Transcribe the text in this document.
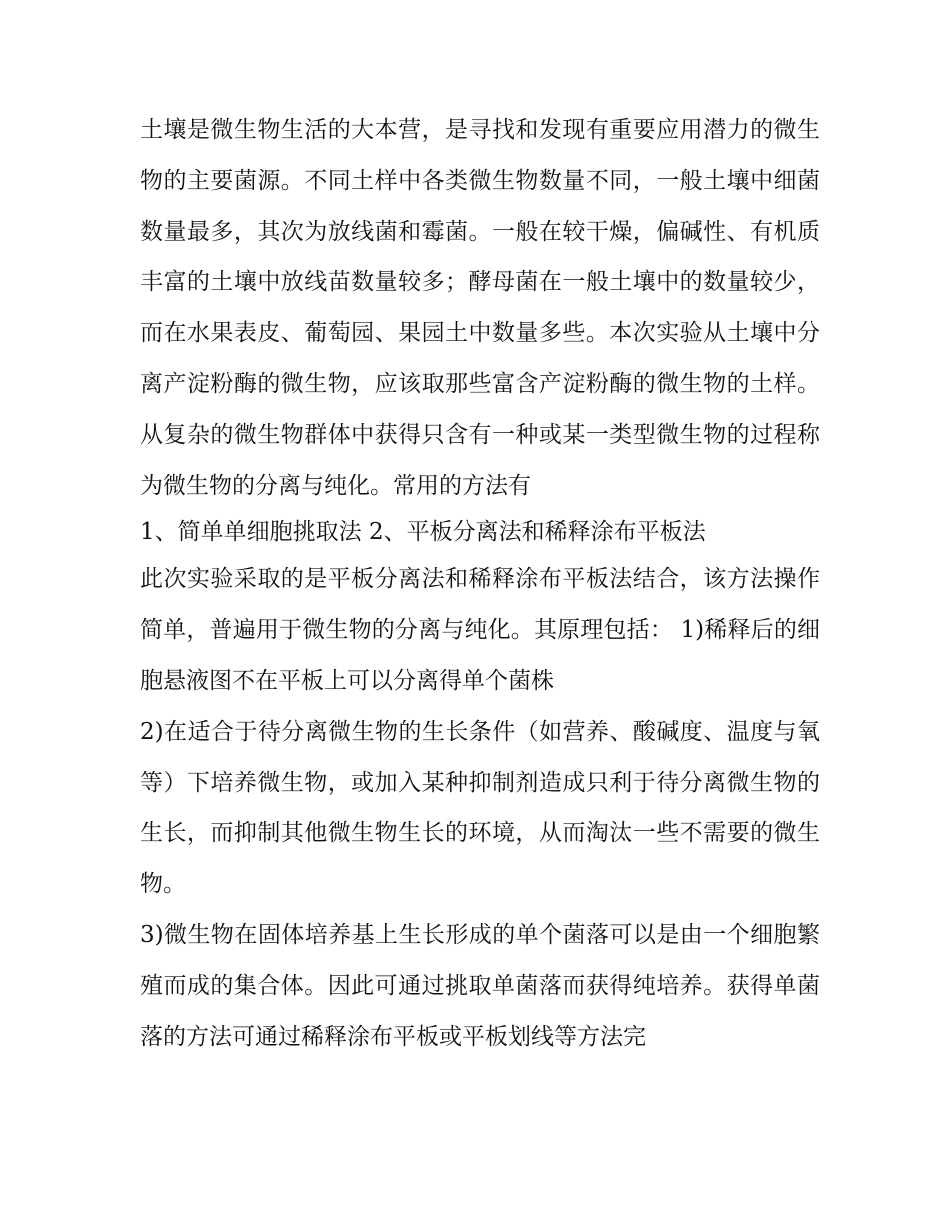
土壤是微生物生活的大本营，是寻找和发现有重要应用潜力的微生物的主要菌源。不同土样中各类微生物数量不同，一般土壤中细菌数量最多，其次为放线菌和霉菌。一般在较干燥，偏碱性、有机质丰富的土壤中放线苗数量较多；酵母菌在一般土壤中的数量较少，而在水果表皮、葡萄园、果园土中数量多些。本次实验从土壤中分离产淀粉酶的微生物，应该取那些富含产淀粉酶的微生物的土样。从复杂的微生物群体中获得只含有一种或某一类型微生物的过程称为微生物的分离与纯化。常用的方法有

1、简单单细胞挑取法 2、平板分离法和稀释涂布平板法

此次实验采取的是平板分离法和稀释涂布平板法结合，该方法操作简单，普遍用于微生物的分离与纯化。其原理包括： 1)稀释后的细胞悬液图不在平板上可以分离得单个菌株

2)在适合于待分离微生物的生长条件（如营养、酸碱度、温度与氧等）下培养微生物，或加入某种抑制剂造成只利于待分离微生物的生长，而抑制其他微生物生长的环境，从而淘汰一些不需要的微生物。

3)微生物在固体培养基上生长形成的单个菌落可以是由一个细胞繁殖而成的集合体。因此可通过挑取单菌落而获得纯培养。获得单菌落的方法可通过稀释涂布平板或平板划线等方法完
